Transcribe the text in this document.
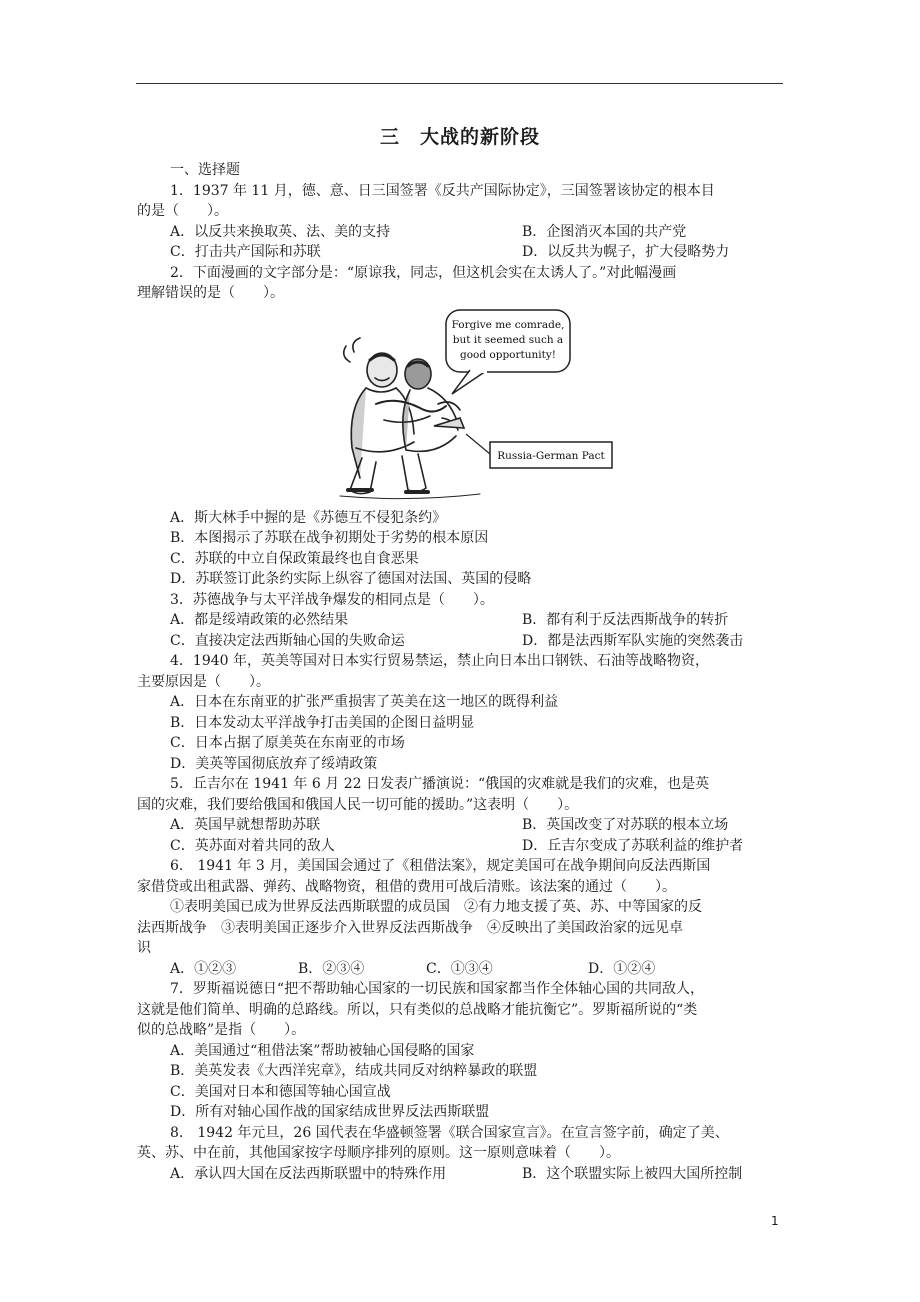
三　大战的新阶段
一、选择题
1．1937 年 11 月，德、意、日三国签署《反共产国际协定》，三国签署该协定的根本目
的是（　　）。
A．以反共来换取英、法、美的支持	B．企图消灭本国的共产党
C．打击共产国际和苏联	D．以反共为幌子，扩大侵略势力
2．下面漫画的文字部分是：“原谅我，同志，但这机会实在太诱人了。”对此幅漫画
理解错误的是（　　）。
Forgive me comrade,
but it seemed such a
good opportunity!
Russia-German Pact
A．斯大林手中握的是《苏德互不侵犯条约》
B．本图揭示了苏联在战争初期处于劣势的根本原因
C．苏联的中立自保政策最终也自食恶果
D．苏联签订此条约实际上纵容了德国对法国、英国的侵略
3．苏德战争与太平洋战争爆发的相同点是（　　）。
A．都是绥靖政策的必然结果	B．都有利于反法西斯战争的转折
C．直接决定法西斯轴心国的失败命运	D．都是法西斯军队实施的突然袭击
4．1940 年，英美等国对日本实行贸易禁运，禁止向日本出口钢铁、石油等战略物资，
主要原因是（　　）。
A．日本在东南亚的扩张严重损害了英美在这一地区的既得利益
B．日本发动太平洋战争打击美国的企图日益明显
C．日本占据了原美英在东南亚的市场
D．美英等国彻底放弃了绥靖政策
5．丘吉尔在 1941 年 6 月 22 日发表广播演说：“俄国的灾难就是我们的灾难，也是英
国的灾难，我们要给俄国和俄国人民一切可能的援助。”这表明（　　）。
A．英国早就想帮助苏联	B．英国改变了对苏联的根本立场
C．英苏面对着共同的敌人	D．丘吉尔变成了苏联利益的维护者
6． 1941 年 3 月，美国国会通过了《租借法案》，规定美国可在战争期间向反法西斯国
家借贷或出租武器、弹药、战略物资，租借的费用可战后清账。该法案的通过（　　）。
①表明美国已成为世界反法西斯联盟的成员国　②有力地支援了英、苏、中等国家的反
法西斯战争　③表明美国正逐步介入世界反法西斯战争　④反映出了美国政治家的远见卓
识
A．①②③	B．②③④	C．①③④	D．①②④
7．罗斯福说德日“把不帮助轴心国家的一切民族和国家都当作全体轴心国的共同敌人，
这就是他们简单、明确的总路线。所以，只有类似的总战略才能抗衡它”。罗斯福所说的“类
似的总战略”是指（　　）。
A．美国通过“租借法案”帮助被轴心国侵略的国家
B．美英发表《大西洋宪章》，结成共同反对纳粹暴政的联盟
C．美国对日本和德国等轴心国宣战
D．所有对轴心国作战的国家结成世界反法西斯联盟
8． 1942 年元旦，26 国代表在华盛顿签署《联合国家宣言》。在宣言签字前，确定了美、
英、苏、中在前，其他国家按字母顺序排列的原则。这一原则意味着（　　）。
A．承认四大国在反法西斯联盟中的特殊作用	B．这个联盟实际上被四大国所控制
1
